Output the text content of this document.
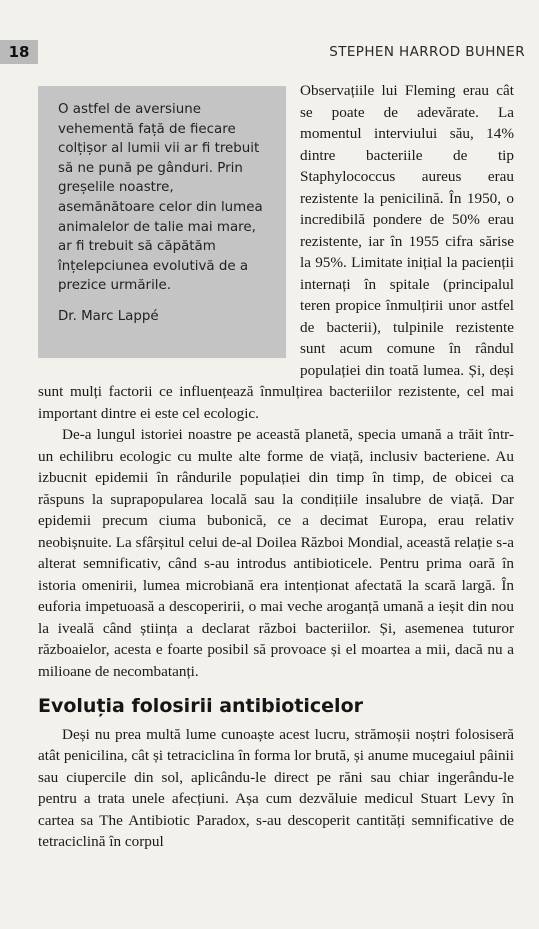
18	STEPHEN HARROD BUHNER

Observațiile lui Fleming erau cât se poate de adevărate. La momentul interviului său, 14% dintre bacteriile de tip Staphylococcus aureus erau rezistente la penicilină. În 1950, o incredibilă pondere de 50% erau rezistente, iar în 1955 cifra sărise la 95%. Limitate inițial la pacienții internați în spitale (principalul teren propice înmulțirii unor astfel de bacterii), tulpinile rezistente sunt acum comune în rândul populației din toată lumea. Și, deși sunt mulți factorii ce influențează înmulțirea bacteriilor rezistente, cel mai important dintre ei este cel ecologic.

De-a lungul istoriei noastre pe această planetă, specia umană a trăit într-un echilibru ecologic cu multe alte forme de viață, inclusiv bacteriene. Au izbucnit epidemii în rândurile populației din timp în timp, de obicei ca răspuns la suprapopularea locală sau la condițiile insalubre de viață. Dar epidemii precum ciuma bubonică, ce a decimat Europa, erau relativ neobișnuite. La sfârșitul celui de-al Doilea Război Mondial, această relație s-a alterat semnificativ, când s-au introdus antibioticele. Pentru prima oară în istoria omenirii, lumea microbiană era intenționat afectată la scară largă. În euforia impetuoasă a descoperirii, o mai veche aroganță umană a ieșit din nou la iveală când știința a declarat război bacteriilor. Și, asemenea tuturor războaielor, acesta e foarte posibil să provoace și el moartea a mii, dacă nu a milioane de necombatanți.

Evoluția folosirii antibioticelor

Deși nu prea multă lume cunoaște acest lucru, strămoșii noștri folosiseră atât penicilina, cât și tetraciclina în forma lor brută, și anume mucegaiul pâinii sau ciupercile din sol, aplicându-le direct pe răni sau chiar ingerându-le pentru a trata unele afecțiuni. Așa cum dezvăluie medicul Stuart Levy în cartea sa The Antibiotic Paradox, s-au descoperit cantități semnificative de tetraciclină în corpul

O astfel de aversiune vehementă față de fiecare colțișor al lumii vii ar fi trebuit să ne pună pe gânduri. Prin greșelile noastre, asemănătoare celor din lumea animalelor de talie mai mare, ar fi trebuit să căpătăm înțelepciunea evolutivă de a prezice urmările.

Dr. Marc Lappé
